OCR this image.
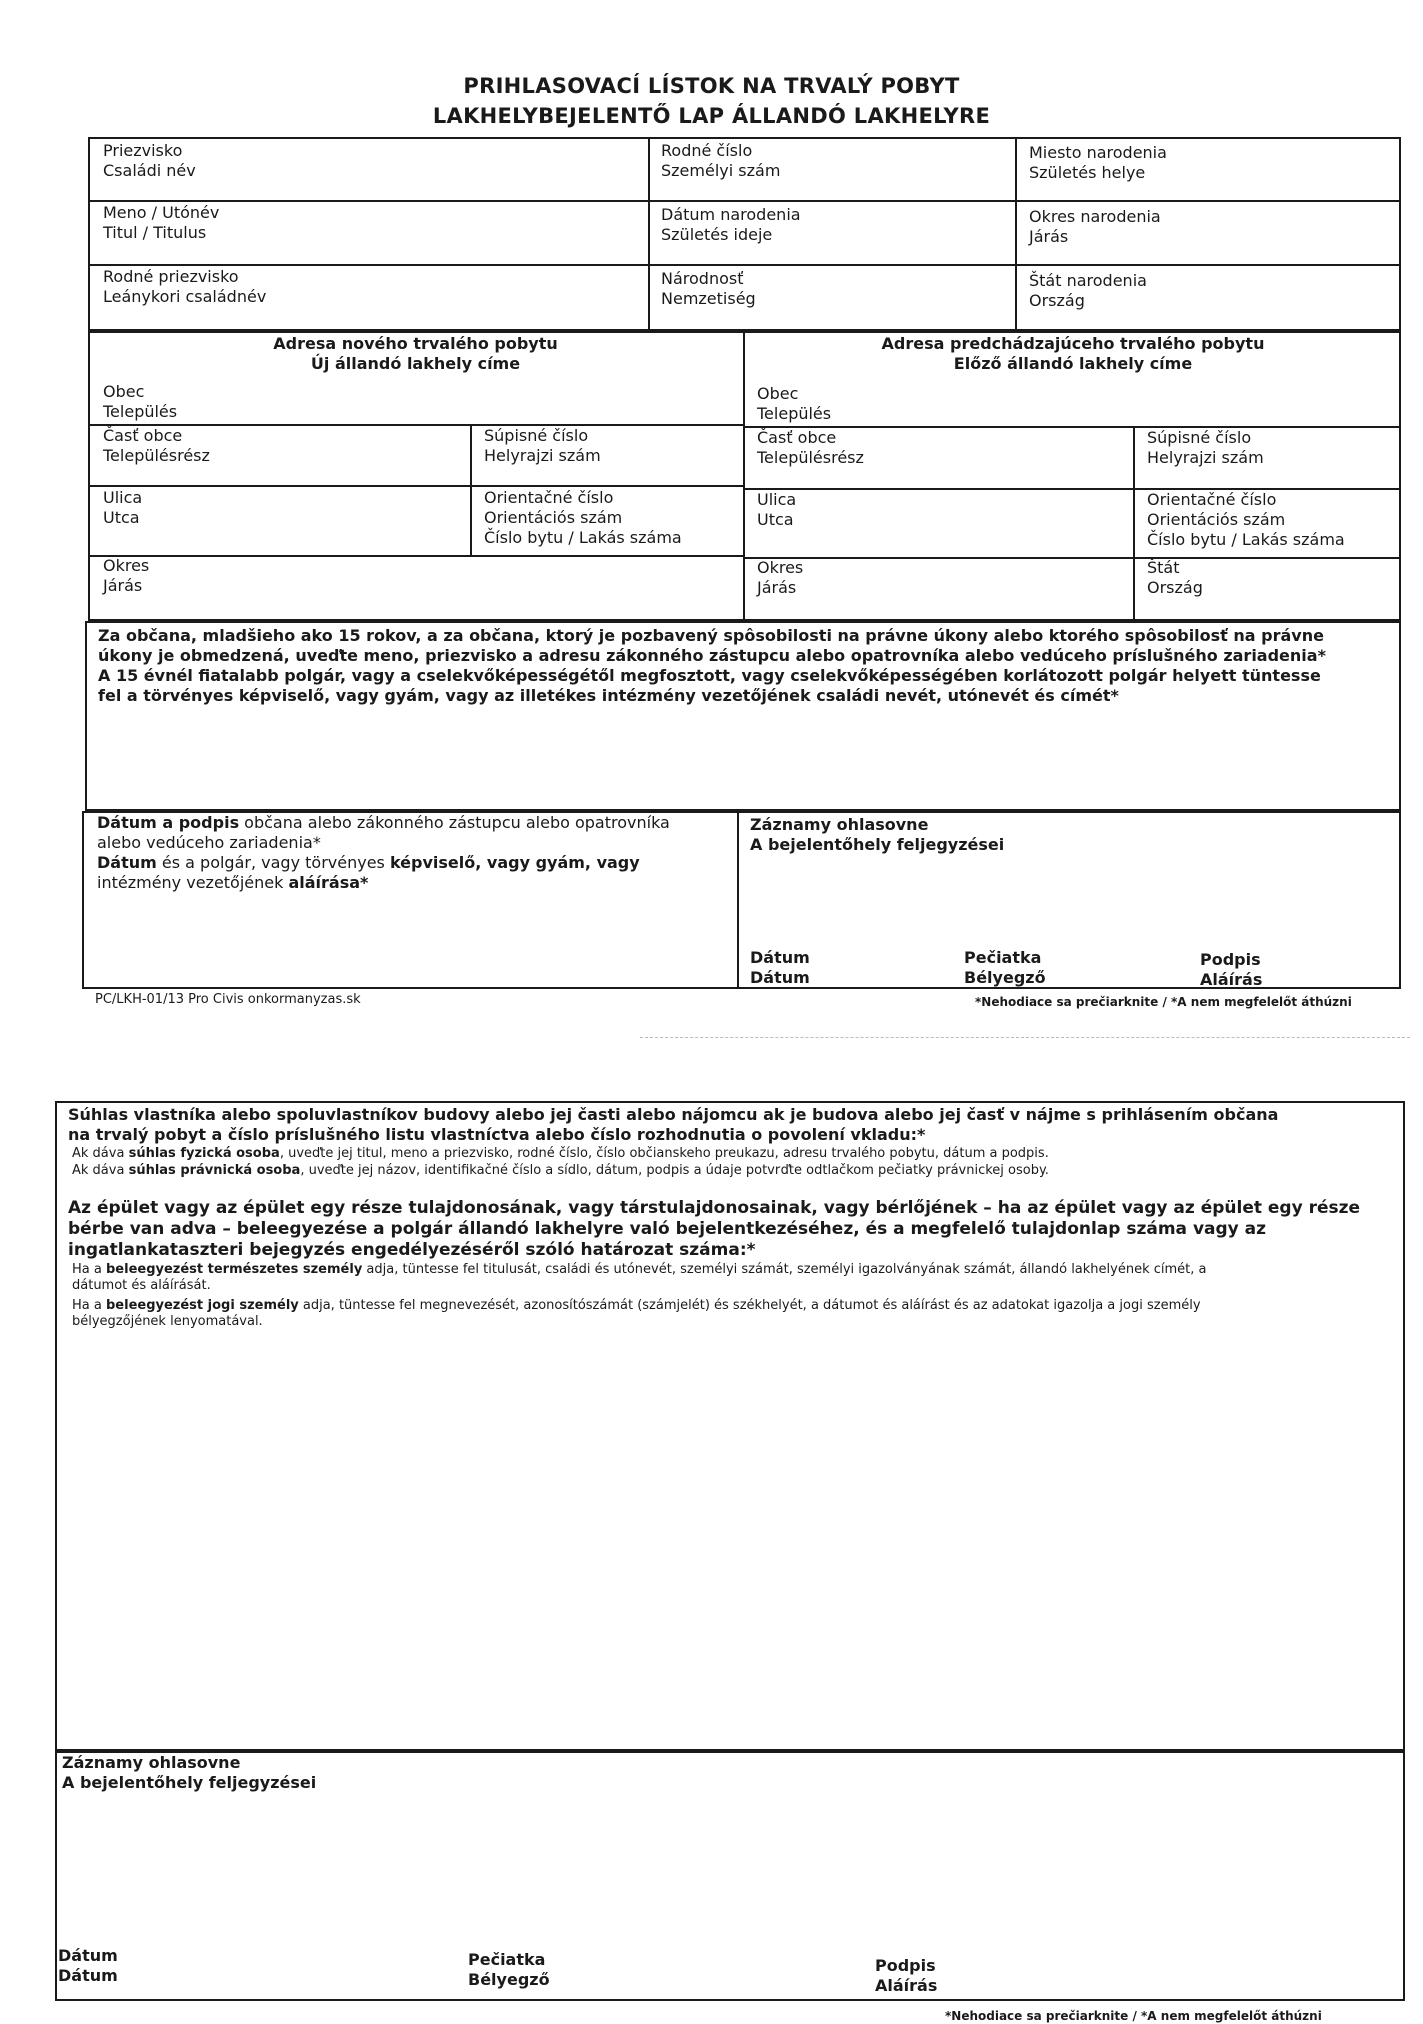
PRIHLASOVACÍ LÍSTOK NA TRVALÝ POBYT
LAKHELYBEJELENTŐ LAP ÁLLANDÓ LAKHELYRE
Priezvisko
Családi név
Rodné číslo
Személyi szám
Miesto narodenia
Születés helye
Meno / Utónév
Titul / Titulus
Dátum narodenia
Születés ideje
Okres narodenia
Járás
Rodné priezvisko
Leánykori családnév
Národnosť
Nemzetiség
Štát narodenia
Ország
Adresa nového trvalého pobytu
Új állandó lakhely címe
Obec
Település
Časť obce
Településrész
Súpisné číslo
Helyrajzi szám
Ulica
Utca
Orientačné číslo
Orientációs szám
Číslo bytu / Lakás száma
Okres
Járás
Adresa predchádzajúceho trvalého pobytu
Előző állandó lakhely címe
Obec
Település
Časť obce
Településrész
Súpisné číslo
Helyrajzi szám
Ulica
Utca
Orientačné číslo
Orientációs szám
Číslo bytu / Lakás száma
Okres
Járás
Štát
Ország
Za občana, mladšieho ako 15 rokov, a za občana, ktorý je pozbavený spôsobilosti na právne úkony alebo ktorého spôsobilosť na právne
úkony je obmedzená, uveďte meno, priezvisko a adresu zákonného zástupcu alebo opatrovníka alebo vedúceho príslušného zariadenia*
A 15 évnél fiatalabb polgár, vagy a cselekvőképességétől megfosztott, vagy cselekvőképességében korlátozott polgár helyett tüntesse
fel a törvényes képviselő, vagy gyám, vagy az illetékes intézmény vezetőjének családi nevét, utónevét és címét*
Dátum a podpis občana alebo zákonného zástupcu alebo opatrovníka
alebo vedúceho zariadenia*
Dátum és a polgár, vagy törvényes képviselő, vagy gyám, vagy
intézmény vezetőjének aláírása*
Záznamy ohlasovne
A bejelentőhely feljegyzései
Dátum
Dátum
Pečiatka
Bélyegző
Podpis
Aláírás
PC/LKH-01/13 Pro Civis onkormanyzas.sk	*Nehodiace sa prečiarknite / *A nem megfelelőt áthúzni
Súhlas vlastníka alebo spoluvlastníkov budovy alebo jej časti alebo nájomcu ak je budova alebo jej časť v nájme s prihlásením občana
na trvalý pobyt a číslo príslušného listu vlastníctva alebo číslo rozhodnutia o povolení vkladu:*
Ak dáva súhlas fyzická osoba, uveďte jej titul, meno a priezvisko, rodné číslo, číslo občianskeho preukazu, adresu trvalého pobytu, dátum a podpis.
Ak dáva súhlas právnická osoba, uveďte jej názov, identifikačné číslo a sídlo, dátum, podpis a údaje potvrďte odtlačkom pečiatky právnickej osoby.
Az épület vagy az épület egy része tulajdonosának, vagy társtulajdonosainak, vagy bérlőjének – ha az épület vagy az épület egy része
bérbe van adva – beleegyezése a polgár állandó lakhelyre való bejelentkezéséhez, és a megfelelő tulajdonlap száma vagy az
ingatlankataszteri bejegyzés engedélyezéséről szóló határozat száma:*
Ha a beleegyezést természetes személy adja, tüntesse fel titulusát, családi és utónevét, személyi számát, személyi igazolványának számát, állandó lakhelyének címét, a
dátumot és aláírását.
Ha a beleegyezést jogi személy adja, tüntesse fel megnevezését, azonosítószámát (számjelét) és székhelyét, a dátumot és aláírást és az adatokat igazolja a jogi személy
bélyegzőjének lenyomatával.
Záznamy ohlasovne
A bejelentőhely feljegyzései
Dátum
Dátum
Pečiatka
Bélyegző
Podpis
Aláírás
*Nehodiace sa prečiarknite / *A nem megfelelőt áthúzni
